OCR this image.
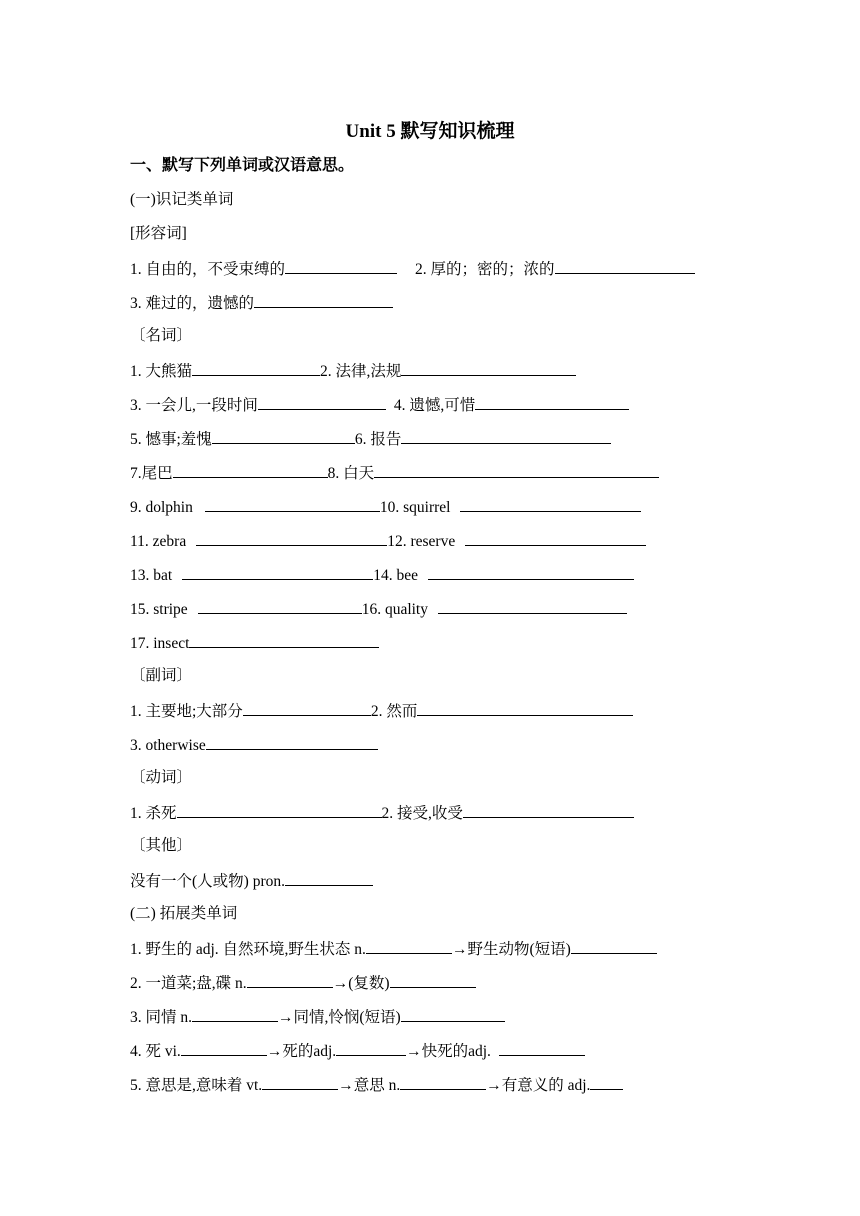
Unit 5 默写知识梳理
一、默写下列单词或汉语意思。
(一)识记类单词
[形容词]
1. 自由的，不受束缚的	2. 厚的；密的；浓的
3. 难过的，遗憾的
〔名词〕
1. 大熊猫	2. 法律,法规
3. 一会儿,一段时间	4. 遗憾,可惜
5. 憾事;羞愧	6. 报告
7.尾巴	8. 白天
9. dolphin	10. squirrel
11. zebra	12. reserve
13. bat	14. bee
15. stripe	16. quality
17. insect
〔副词〕
1. 主要地;大部分	2. 然而
3. otherwise
〔动词〕
1. 杀死	2. 接受,收受
〔其他〕
没有一个(人或物) pron.
(二) 拓展类单词
1. 野生的 adj. 自然环境,野生状态 n.	→野生动物(短语)
2. 一道菜;盘,碟 n.	→(复数)
3. 同情 n.	→同情,怜悯(短语)
4. 死 vi.	→死的adj.	→快死的adj.
5. 意思是,意味着 vt.	→意思 n.	→有意义的 adj.
